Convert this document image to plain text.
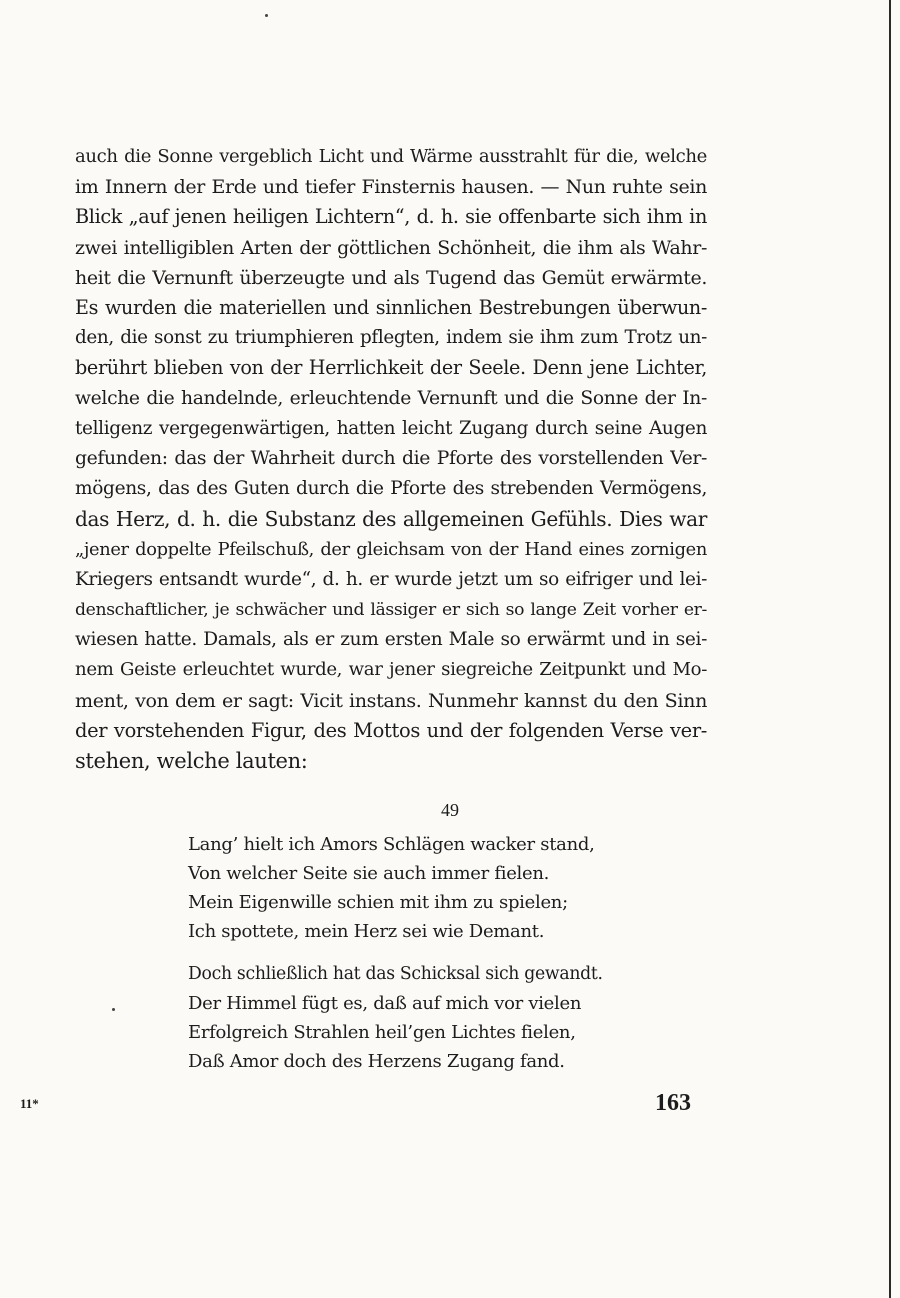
auch die Sonne vergeblich Licht und Wärme ausstrahlt für die, welche
im Innern der Erde und tiefer Finsternis hausen. — Nun ruhte sein
Blick „auf jenen heiligen Lichtern“, d. h. sie offenbarte sich ihm in
zwei intelligiblen Arten der göttlichen Schönheit, die ihm als Wahr-
heit die Vernunft überzeugte und als Tugend das Gemüt erwärmte.
Es wurden die materiellen und sinnlichen Bestrebungen überwun-
den, die sonst zu triumphieren pflegten, indem sie ihm zum Trotz un-
berührt blieben von der Herrlichkeit der Seele. Denn jene Lichter,
welche die handelnde, erleuchtende Vernunft und die Sonne der In-
telligenz vergegenwärtigen, hatten leicht Zugang durch seine Augen
gefunden: das der Wahrheit durch die Pforte des vorstellenden Ver-
mögens, das des Guten durch die Pforte des strebenden Vermögens,
das Herz, d. h. die Substanz des allgemeinen Gefühls. Dies war
„jener doppelte Pfeilschuß, der gleichsam von der Hand eines zornigen
Kriegers entsandt wurde“, d. h. er wurde jetzt um so eifriger und lei-
denschaftlicher, je schwächer und lässiger er sich so lange Zeit vorher er-
wiesen hatte. Damals, als er zum ersten Male so erwärmt und in sei-
nem Geiste erleuchtet wurde, war jener siegreiche Zeitpunkt und Mo-
ment, von dem er sagt: Vicit instans. Nunmehr kannst du den Sinn
der vorstehenden Figur, des Mottos und der folgenden Verse ver-
stehen, welche lauten:
49
Lang’ hielt ich Amors Schlägen wacker stand,
Von welcher Seite sie auch immer fielen.
Mein Eigenwille schien mit ihm zu spielen;
Ich spottete, mein Herz sei wie Demant.
Doch schließlich hat das Schicksal sich gewandt.
Der Himmel fügt es, daß auf mich vor vielen
Erfolgreich Strahlen heil’gen Lichtes fielen,
Daß Amor doch des Herzens Zugang fand.
11*	163
